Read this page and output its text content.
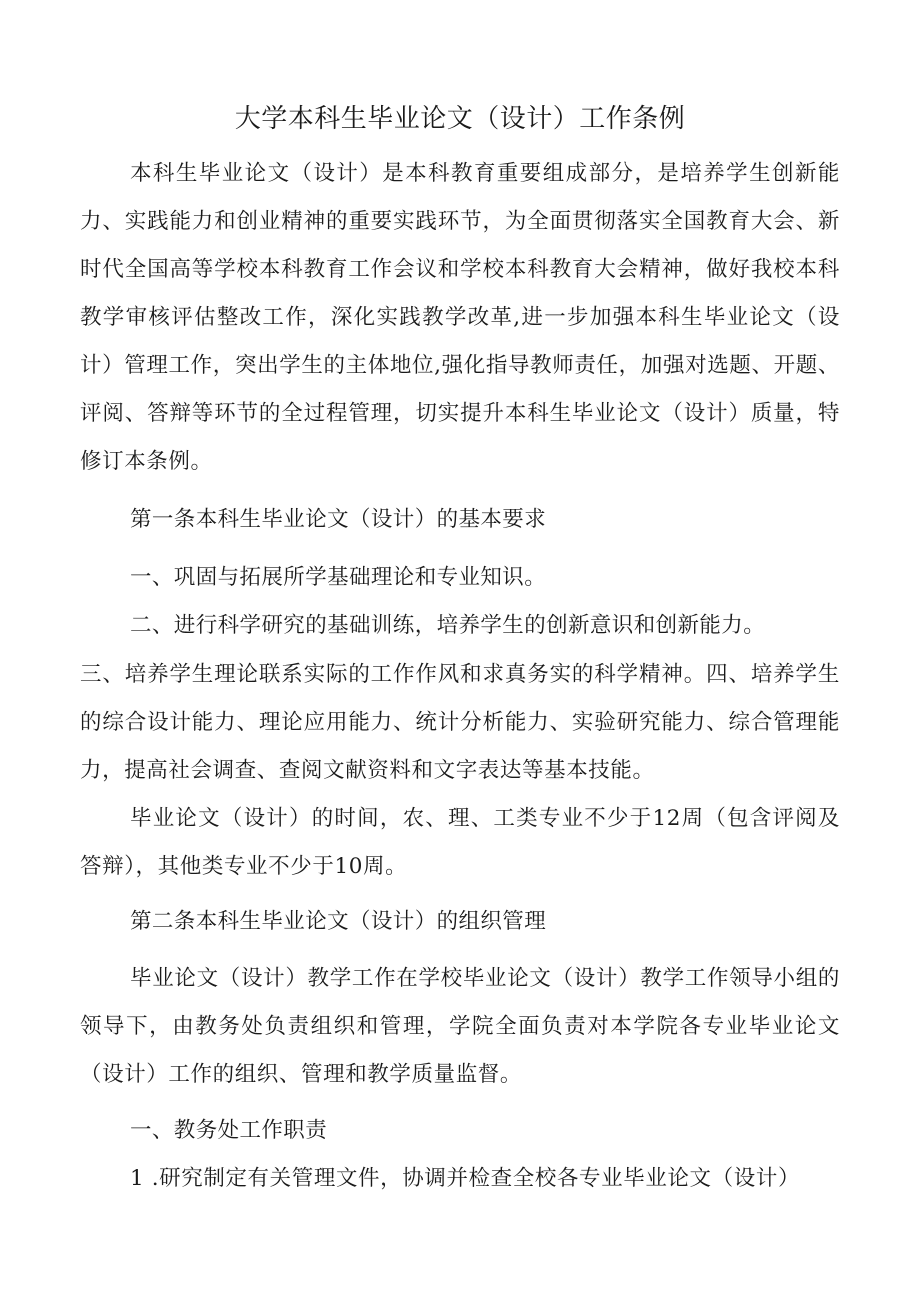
大学本科生毕业论文（设计）工作条例

本科生毕业论文（设计）是本科教育重要组成部分，是培养学生创新能力、实践能力和创业精神的重要实践环节，为全面贯彻落实全国教育大会、新时代全国高等学校本科教育工作会议和学校本科教育大会精神，做好我校本科教学审核评估整改工作，深化实践教学改革,进一步加强本科生毕业论文（设计）管理工作，突出学生的主体地位,强化指导教师责任，加强对选题、开题、评阅、答辩等环节的全过程管理，切实提升本科生毕业论文（设计）质量，特修订本条例。

第一条本科生毕业论文（设计）的基本要求
一、巩固与拓展所学基础理论和专业知识。
二、进行科学研究的基础训练，培养学生的创新意识和创新能力。

三、培养学生理论联系实际的工作作风和求真务实的科学精神。四、培养学生的综合设计能力、理论应用能力、统计分析能力、实验研究能力、综合管理能力，提高社会调查、查阅文献资料和文字表达等基本技能。

毕业论文（设计）的时间，农、理、工类专业不少于12周（包含评阅及答辩），其他类专业不少于10周。

第二条本科生毕业论文（设计）的组织管理

毕业论文（设计）教学工作在学校毕业论文（设计）教学工作领导小组的领导下，由教务处负责组织和管理，学院全面负责对本学院各专业毕业论文（设计）工作的组织、管理和教学质量监督。

一、教务处工作职责
1 .研究制定有关管理文件，协调并检查全校各专业毕业论文（设计）
